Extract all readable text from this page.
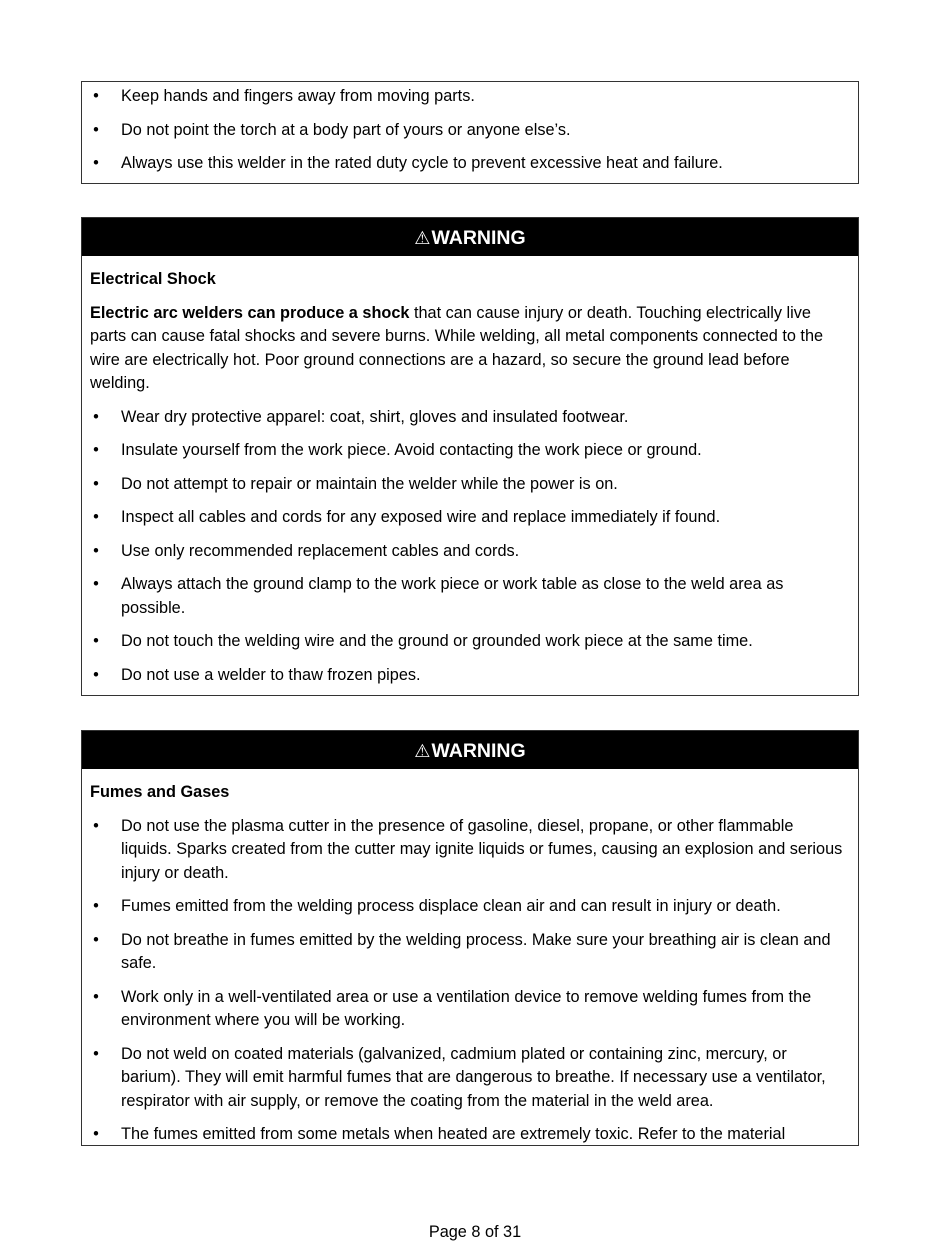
• Keep hands and fingers away from moving parts.
• Do not point the torch at a body part of yours or anyone else’s.
• Always use this welder in the rated duty cycle to prevent excessive heat and failure.
⚠WARNING

Electrical Shock

Electric arc welders can produce a shock that can cause injury or death. Touching electrically live parts can cause fatal shocks and severe burns. While welding, all metal components connected to the wire are electrically hot. Poor ground connections are a hazard, so secure the ground lead before welding.

• Wear dry protective apparel: coat, shirt, gloves and insulated footwear.
• Insulate yourself from the work piece. Avoid contacting the work piece or ground.
• Do not attempt to repair or maintain the welder while the power is on.
• Inspect all cables and cords for any exposed wire and replace immediately if found.
• Use only recommended replacement cables and cords.
• Always attach the ground clamp to the work piece or work table as close to the weld area as possible.
• Do not touch the welding wire and the ground or grounded work piece at the same time.
• Do not use a welder to thaw frozen pipes.
⚠WARNING

Fumes and Gases

• Do not use the plasma cutter in the presence of gasoline, diesel, propane, or other flammable liquids. Sparks created from the cutter may ignite liquids or fumes, causing an explosion and serious injury or death.
• Fumes emitted from the welding process displace clean air and can result in injury or death.
• Do not breathe in fumes emitted by the welding process. Make sure your breathing air is clean and safe.
• Work only in a well-ventilated area or use a ventilation device to remove welding fumes from the environment where you will be working.
• Do not weld on coated materials (galvanized, cadmium plated or containing zinc, mercury, or barium). They will emit harmful fumes that are dangerous to breathe. If necessary use a ventilator, respirator with air supply, or remove the coating from the material in the weld area.
• The fumes emitted from some metals when heated are extremely toxic. Refer to the material
Page 8 of 31
